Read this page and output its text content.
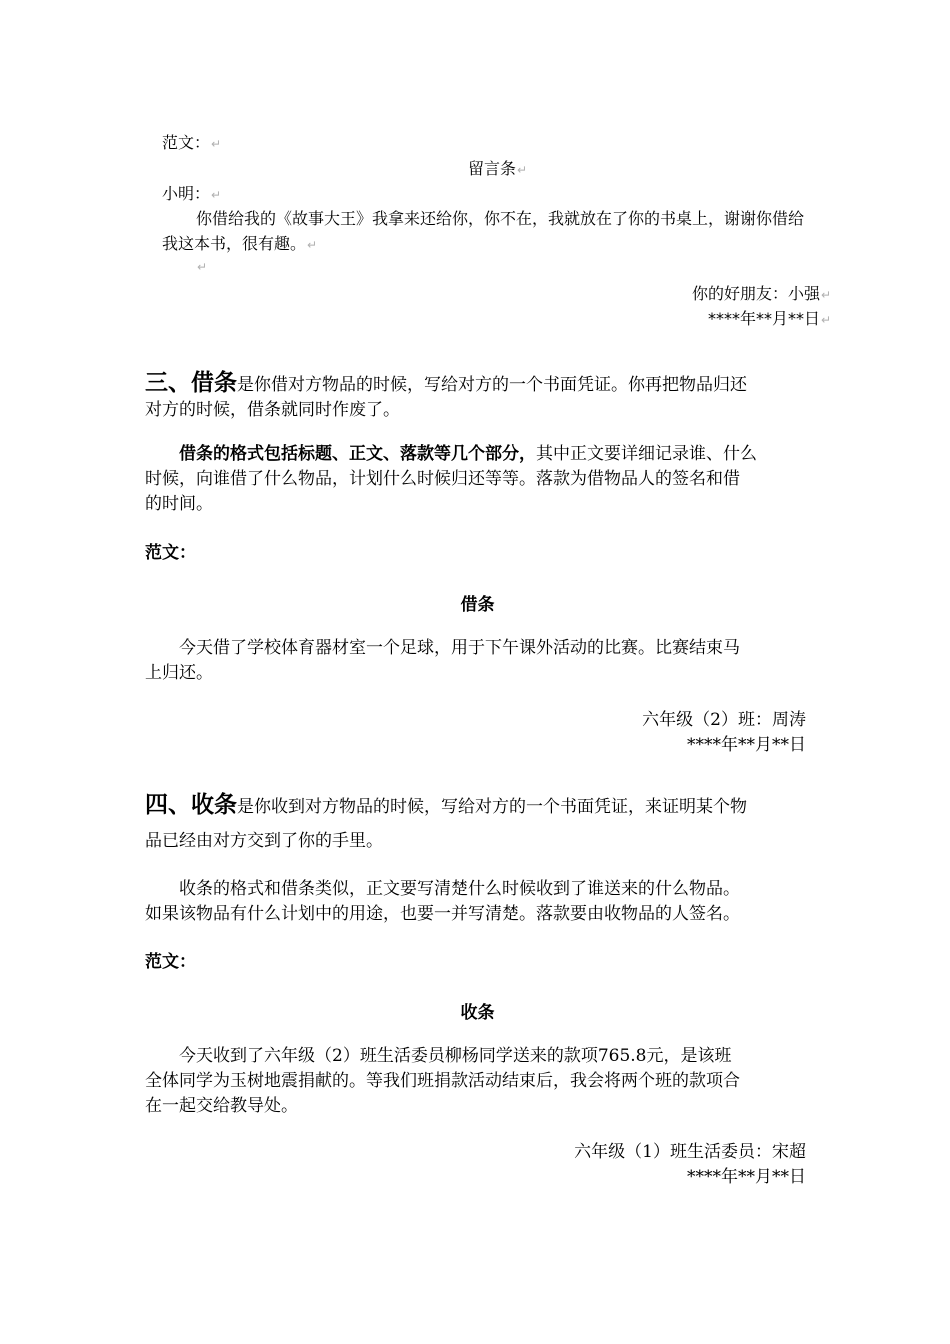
范文：↵
留言条↵
小明：↵
你借给我的《故事大王》我拿来还给你，你不在，我就放在了你的书桌上，谢谢你借给
我这本书，很有趣。↵
↵
你的好朋友：小强↵
****年**月**日↵
三、借条是你借对方物品的时候，写给对方的一个书面凭证。你再把物品归还
对方的时候，借条就同时作废了。
借条的格式包括标题、正文、落款等几个部分，其中正文要详细记录谁、什么
时候，向谁借了什么物品，计划什么时候归还等等。落款为借物品人的签名和借
的时间。
范文：
借条
今天借了学校体育器材室一个足球，用于下午课外活动的比赛。比赛结束马
上归还。
六年级（2）班：周涛
****年**月**日
四、收条是你收到对方物品的时候，写给对方的一个书面凭证，来证明某个物
品已经由对方交到了你的手里。
收条的格式和借条类似，正文要写清楚什么时候收到了谁送来的什么物品。
如果该物品有什么计划中的用途，也要一并写清楚。落款要由收物品的人签名。
范文：
收条
今天收到了六年级（2）班生活委员柳杨同学送来的款项765.8元，是该班
全体同学为玉树地震捐献的。等我们班捐款活动结束后，我会将两个班的款项合
在一起交给教导处。
六年级（1）班生活委员：宋超
****年**月**日
